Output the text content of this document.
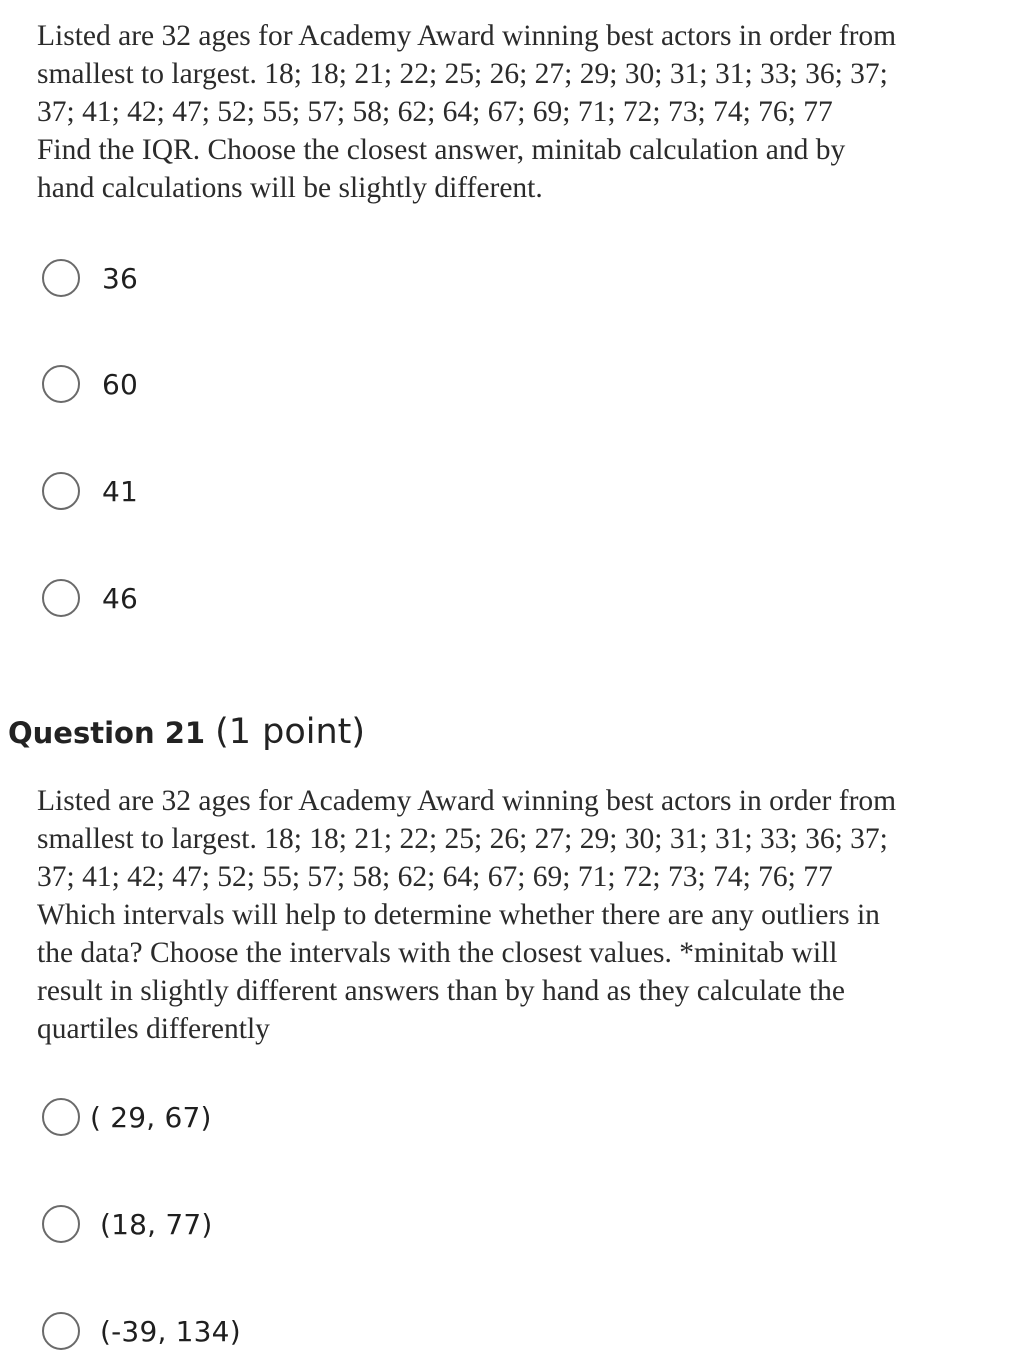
Listed are 32 ages for Academy Award winning best actors in order from
smallest to largest. 18; 18; 21; 22; 25; 26; 27; 29; 30; 31; 31; 33; 36; 37;
37; 41; 42; 47; 52; 55; 57; 58; 62; 64; 67; 69; 71; 72; 73; 74; 76; 77
Find the IQR. Choose the closest answer, minitab calculation and by
hand calculations will be slightly different.

36
60
41
46
Question 21 (1 point)

Listed are 32 ages for Academy Award winning best actors in order from
smallest to largest. 18; 18; 21; 22; 25; 26; 27; 29; 30; 31; 31; 33; 36; 37;
37; 41; 42; 47; 52; 55; 57; 58; 62; 64; 67; 69; 71; 72; 73; 74; 76; 77
Which intervals will help to determine whether there are any outliers in
the data? Choose the intervals with the closest values. *minitab will
result in slightly different answers than by hand as they calculate the
quartiles differently

( 29, 67)
(18, 77)
(-39, 134)
